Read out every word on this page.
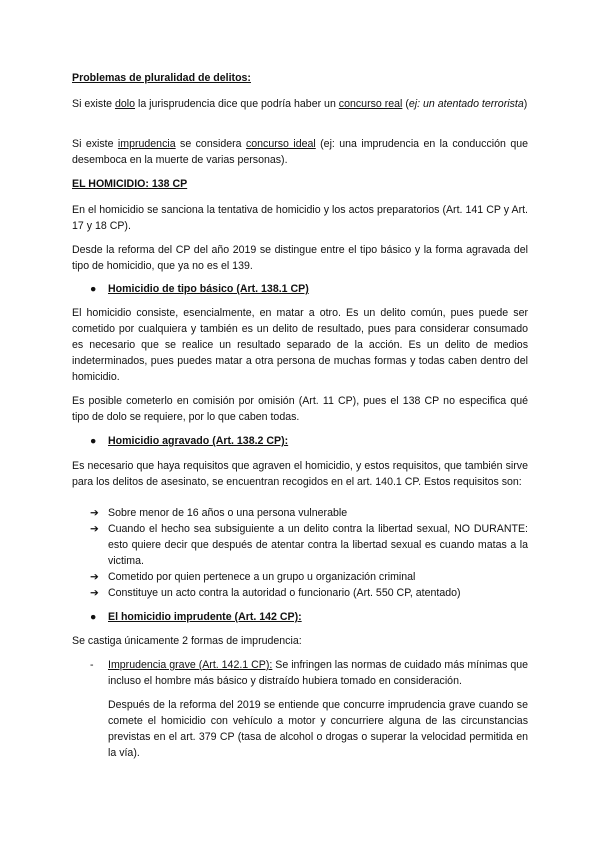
Problemas de pluralidad de delitos:
Si existe dolo la jurisprudencia dice que podría haber un concurso real (ej: un atentado terrorista)
Si existe imprudencia se considera concurso ideal (ej: una imprudencia en la conducción que desemboca en la muerte de varias personas).
EL HOMICIDIO: 138 CP
En el homicidio se sanciona la tentativa de homicidio y los actos preparatorios (Art. 141 CP y Art. 17 y 18 CP).
Desde la reforma del CP del año 2019 se distingue entre el tipo básico y la forma agravada del tipo de homicidio, que ya no es el 139.
● Homicidio de tipo básico (Art. 138.1 CP)
El homicidio consiste, esencialmente, en matar a otro. Es un delito común, pues puede ser cometido por cualquiera y también es un delito de resultado, pues para considerar consumado es necesario que se realice un resultado separado de la acción. Es un delito de medios indeterminados, pues puedes matar a otra persona de muchas formas y todas caben dentro del homicidio.
Es posible cometerlo en comisión por omisión (Art. 11 CP), pues el 138 CP no especifica qué tipo de dolo se requiere, por lo que caben todas.
● Homicidio agravado (Art. 138.2 CP):
Es necesario que haya requisitos que agraven el homicidio, y estos requisitos, que también sirve para los delitos de asesinato, se encuentran recogidos en el art. 140.1 CP. Estos requisitos son:
➔ Sobre menor de 16 años o una persona vulnerable
➔ Cuando el hecho sea subsiguiente a un delito contra la libertad sexual, NO DURANTE: esto quiere decir que después de atentar contra la libertad sexual es cuando matas a la victima.
➔ Cometido por quien pertenece a un grupo u organización criminal
➔ Constituye un acto contra la autoridad o funcionario (Art. 550 CP, atentado)
● El homicidio imprudente (Art. 142 CP):
Se castiga únicamente 2 formas de imprudencia:
- Imprudencia grave (Art. 142.1 CP): Se infringen las normas de cuidado más mínimas que incluso el hombre más básico y distraído hubiera tomado en consideración.
Después de la reforma del 2019 se entiende que concurre imprudencia grave cuando se comete el homicidio con vehículo a motor y concurriere alguna de las circunstancias previstas en el art. 379 CP (tasa de alcohol o drogas o superar la velocidad permitida en la vía).
